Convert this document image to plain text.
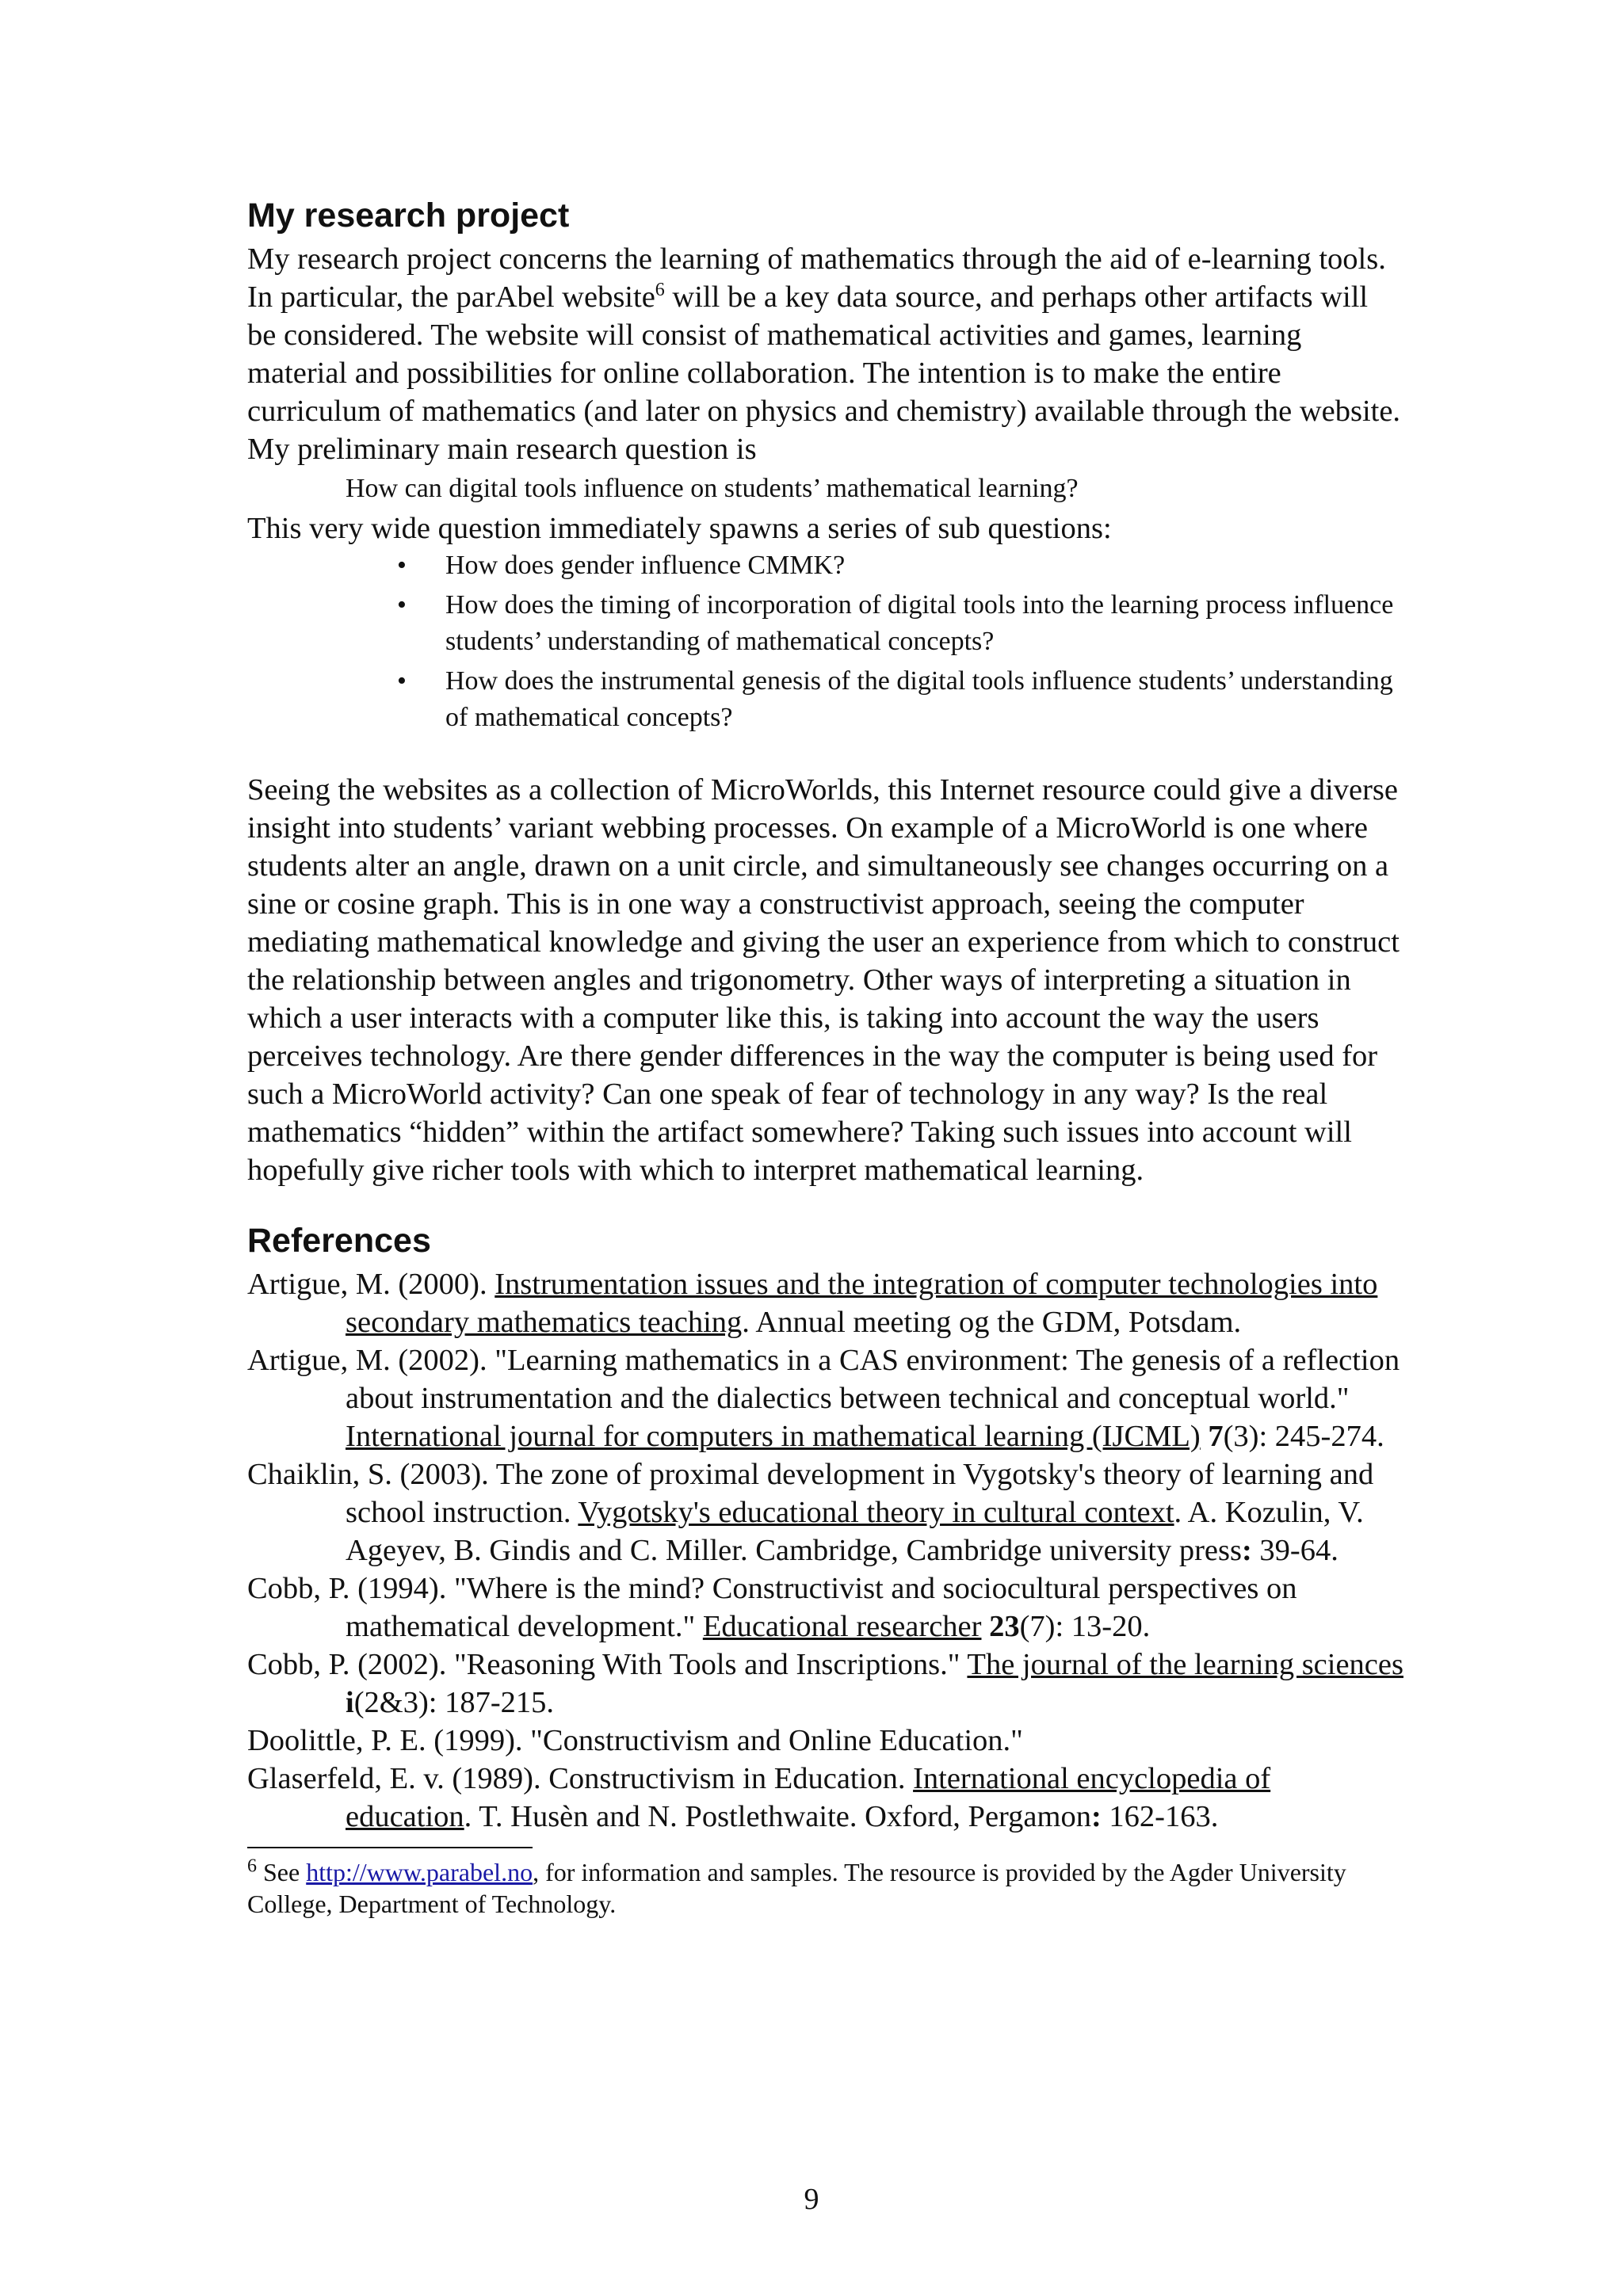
My research project

My research project concerns the learning of mathematics through the aid of e-learning tools. In particular, the parAbel website$^6$ will be a key data source, and perhaps other artifacts will be considered. The website will consist of mathematical activities and games, learning material and possibilities for online collaboration. The intention is to make the entire curriculum of mathematics (and later on physics and chemistry) available through the website.

My preliminary main research question is

How can digital tools influence on students’ mathematical learning?

This very wide question immediately spawns a series of sub questions:

• How does gender influence CMMK?
• How does the timing of incorporation of digital tools into the learning process influence students’ understanding of mathematical concepts?
• How does the instrumental genesis of the digital tools influence students’ understanding of mathematical concepts?

Seeing the websites as a collection of MicroWorlds, this Internet resource could give a diverse insight into students’ variant webbing processes. On example of a MicroWorld is one where students alter an angle, drawn on a unit circle, and simultaneously see changes occurring on a sine or cosine graph. This is in one way a constructivist approach, seeing the computer mediating mathematical knowledge and giving the user an experience from which to construct the relationship between angles and trigonometry. Other ways of interpreting a situation in which a user interacts with a computer like this, is taking into account the way the users perceives technology. Are there gender differences in the way the computer is being used for such a MicroWorld activity? Can one speak of fear of technology in any way? Is the real mathematics “hidden” within the artifact somewhere? Taking such issues into account will hopefully give richer tools with which to interpret mathematical learning.

References
Artigue, M. (2000). Instrumentation issues and the integration of computer technologies into secondary mathematics teaching. Annual meeting og the GDM, Potsdam.
Artigue, M. (2002). "Learning mathematics in a CAS environment: The genesis of a reflection about instrumentation and the dialectics between technical and conceptual world." International journal for computers in mathematical learning (IJCML) 7(3): 245-274.
Chaiklin, S. (2003). The zone of proximal development in Vygotsky's theory of learning and school instruction. Vygotsky's educational theory in cultural context. A. Kozulin, V. Ageyev, B. Gindis and C. Miller. Cambridge, Cambridge university press: 39-64.
Cobb, P. (1994). "Where is the mind? Constructivist and sociocultural perspectives on mathematical development." Educational researcher 23(7): 13-20.
Cobb, P. (2002). "Reasoning With Tools and Inscriptions." The journal of the learning sciences i(2&3): 187-215.
Doolittle, P. E. (1999). "Constructivism and Online Education."
Glaserfeld, E. v. (1989). Constructivism in Education. International encyclopedia of education. T. Husèn and N. Postlethwaite. Oxford, Pergamon: 162-163.
$^6$ See http://www.parabel.no, for information and samples. The resource is provided by the Agder University College, Department of Technology.
9
